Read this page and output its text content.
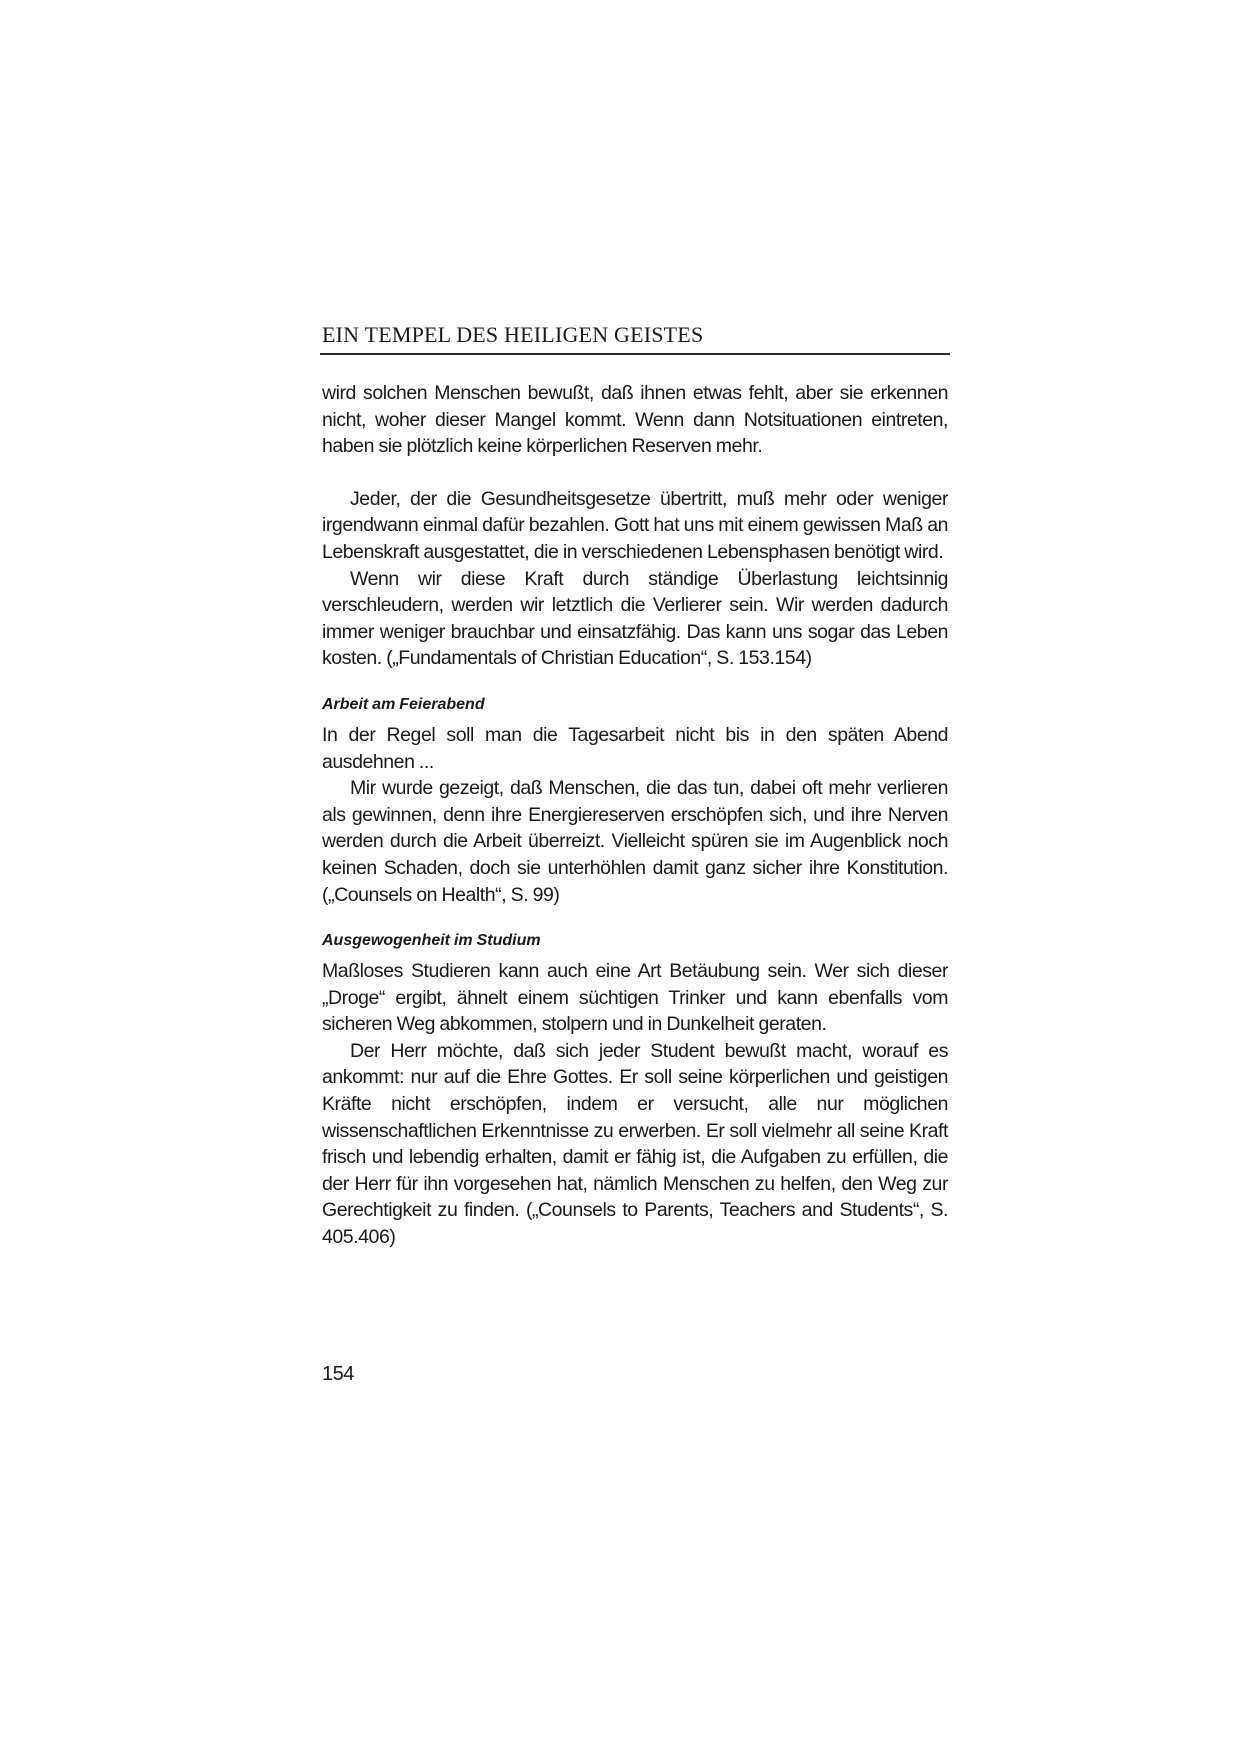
EIN TEMPEL DES HEILIGEN GEISTES

wird solchen Menschen bewußt, daß ihnen etwas fehlt, aber sie erkennen nicht, woher dieser Mangel kommt. Wenn dann Notsituationen eintreten, haben sie plötzlich keine körperlichen Reserven mehr.

Jeder, der die Gesundheitsgesetze übertritt, muß mehr oder weniger irgendwann einmal dafür bezahlen. Gott hat uns mit einem gewissen Maß an Lebenskraft ausgestattet, die in verschiedenen Lebensphasen benötigt wird.

Wenn wir diese Kraft durch ständige Überlastung leichtsinnig verschleudern, werden wir letztlich die Verlierer sein. Wir werden dadurch immer weniger brauchbar und einsatzfähig. Das kann uns sogar das Leben kosten. („Fundamentals of Christian Education“, S. 153.154)

Arbeit am Feierabend

In der Regel soll man die Tagesarbeit nicht bis in den späten Abend ausdehnen ...

Mir wurde gezeigt, daß Menschen, die das tun, dabei oft mehr verlieren als gewinnen, denn ihre Energiereserven erschöpfen sich, und ihre Nerven werden durch die Arbeit überreizt. Vielleicht spüren sie im Augenblick noch keinen Schaden, doch sie unterhöhlen damit ganz sicher ihre Konstitution. („Counsels on Health“, S. 99)

Ausgewogenheit im Studium

Maßloses Studieren kann auch eine Art Betäubung sein. Wer sich dieser „Droge“ ergibt, ähnelt einem süchtigen Trinker und kann ebenfalls vom sicheren Weg abkommen, stolpern und in Dunkelheit geraten.

Der Herr möchte, daß sich jeder Student bewußt macht, worauf es ankommt: nur auf die Ehre Gottes. Er soll seine körperlichen und geistigen Kräfte nicht erschöpfen, indem er versucht, alle nur möglichen wissenschaftlichen Erkenntnisse zu erwerben. Er soll vielmehr all seine Kraft frisch und lebendig erhalten, damit er fähig ist, die Aufgaben zu erfüllen, die der Herr für ihn vorgesehen hat, nämlich Menschen zu helfen, den Weg zur Gerechtigkeit zu finden. („Counsels to Parents, Teachers and Students“, S. 405.406)

154
